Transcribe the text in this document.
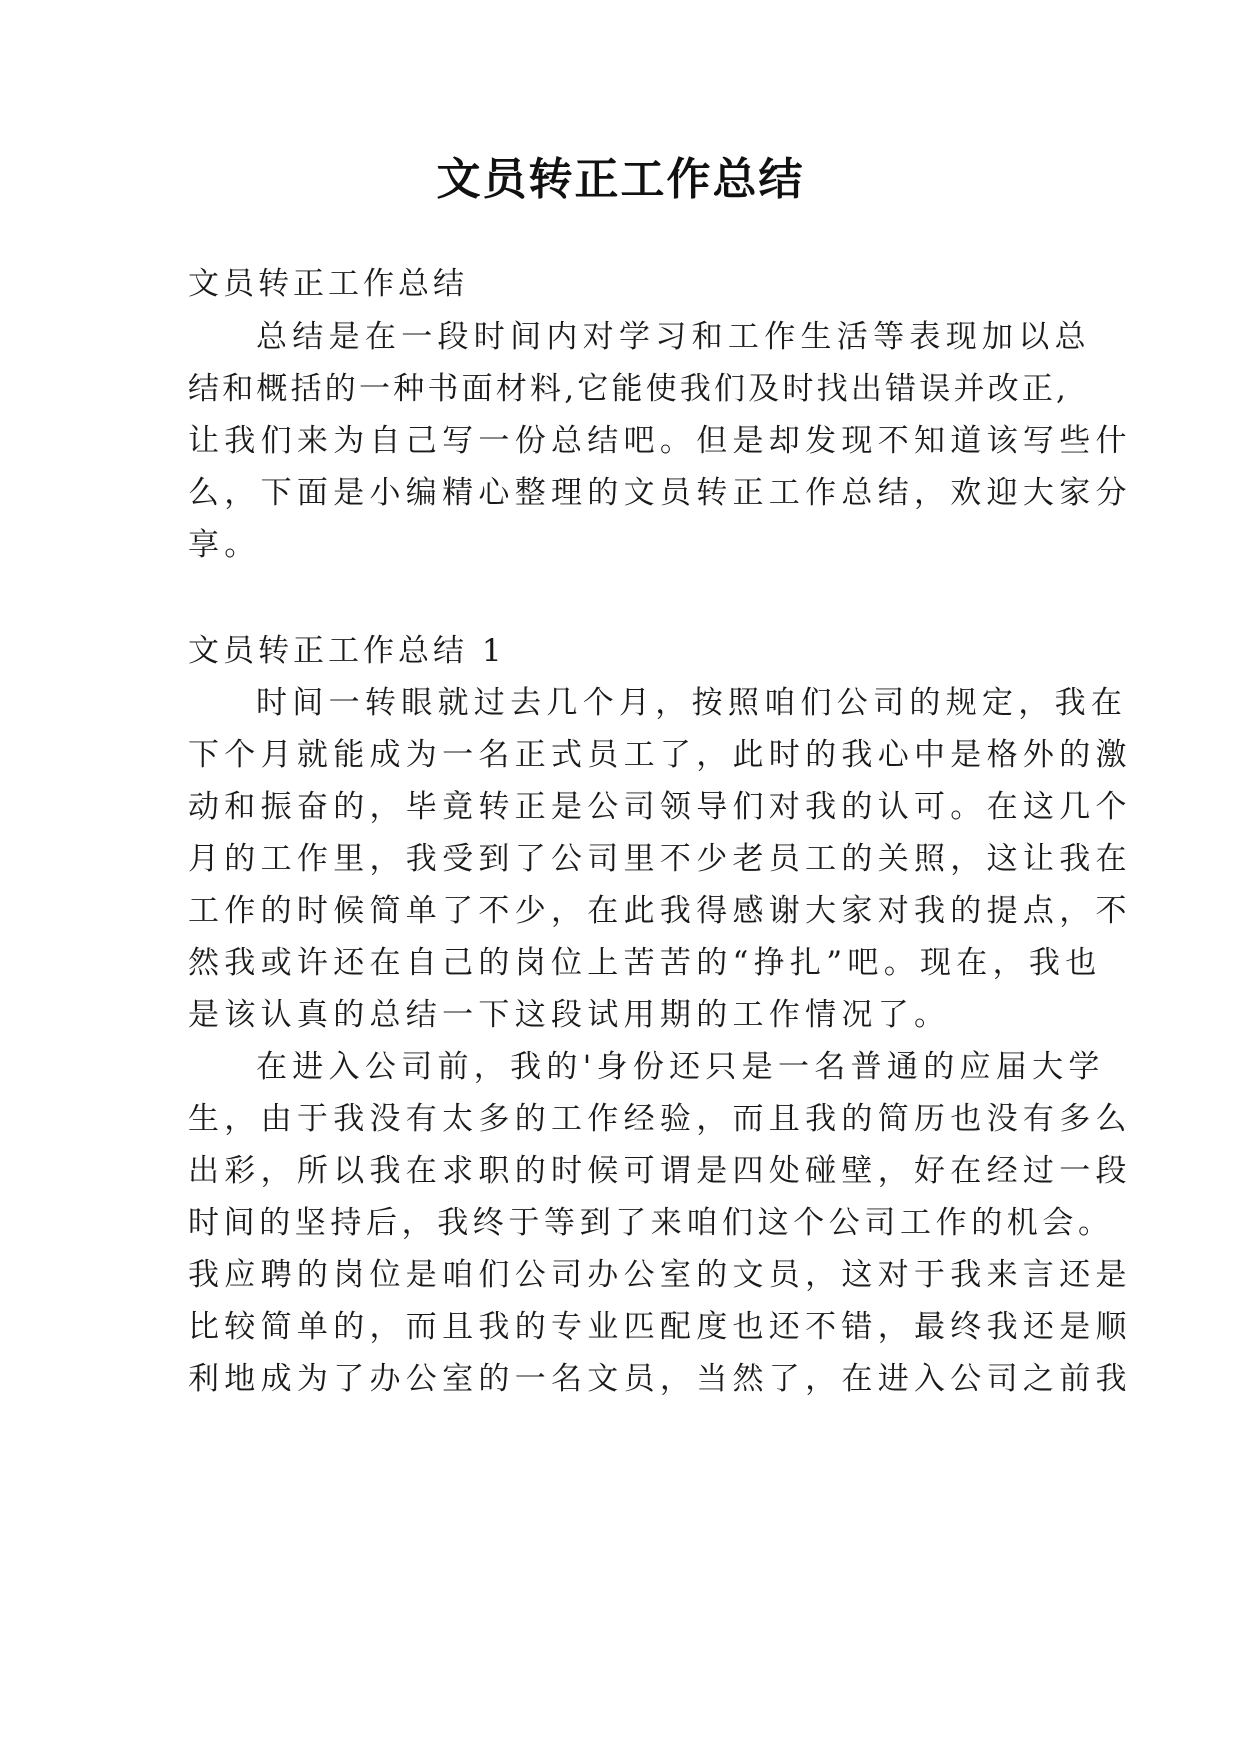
文员转正工作总结
文员转正工作总结
总结是在一段时间内对学习和工作生活等表现加以总
结和概括的一种书面材料,它能使我们及时找出错误并改正,
让我们来为自己写一份总结吧。但是却发现不知道该写些什
么，下面是小编精心整理的文员转正工作总结，欢迎大家分
享。
文员转正工作总结 1
时间一转眼就过去几个月，按照咱们公司的规定，我在
下个月就能成为一名正式员工了，此时的我心中是格外的激
动和振奋的，毕竟转正是公司领导们对我的认可。在这几个
月的工作里，我受到了公司里不少老员工的关照，这让我在
工作的时候简单了不少，在此我得感谢大家对我的提点，不
然我或许还在自己的岗位上苦苦的“挣扎”吧。现在，我也
是该认真的总结一下这段试用期的工作情况了。
在进入公司前，我的'身份还只是一名普通的应届大学
生，由于我没有太多的工作经验，而且我的简历也没有多么
出彩，所以我在求职的时候可谓是四处碰壁，好在经过一段
时间的坚持后，我终于等到了来咱们这个公司工作的机会。
我应聘的岗位是咱们公司办公室的文员，这对于我来言还是
比较简单的，而且我的专业匹配度也还不错，最终我还是顺
利地成为了办公室的一名文员，当然了，在进入公司之前我
